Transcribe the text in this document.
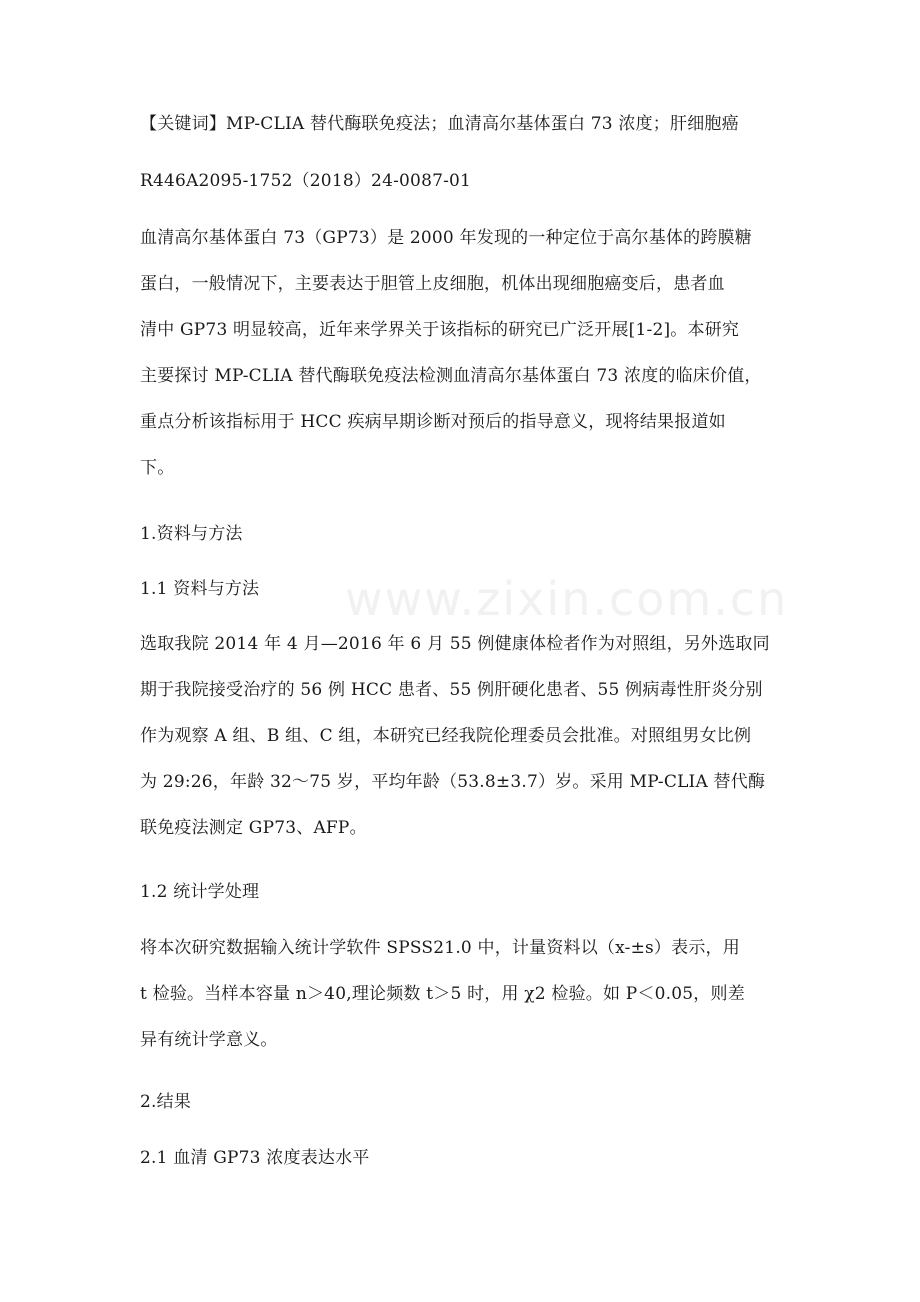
www.zixin.com.cn
【关键词】MP-CLIA 替代酶联免疫法；血清高尔基体蛋白 73 浓度；肝细胞癌
R446A2095-1752（2018）24-0087-01
血清高尔基体蛋白 73（GP73）是 2000 年发现的一种定位于高尔基体的跨膜糖
蛋白，一般情况下，主要表达于胆管上皮细胞，机体出现细胞癌变后，患者血
清中 GP73 明显较高，近年来学界关于该指标的研究已广泛开展[1-2]。本研究
主要探讨 MP-CLIA 替代酶联免疫法检测血清高尔基体蛋白 73 浓度的临床价值，
重点分析该指标用于 HCC 疾病早期诊断对预后的指导意义，现将结果报道如
下。
1.资料与方法
1.1 资料与方法
选取我院 2014 年 4 月—2016 年 6 月 55 例健康体检者作为对照组，另外选取同
期于我院接受治疗的 56 例 HCC 患者、55 例肝硬化患者、55 例病毒性肝炎分别
作为观察 A 组、B 组、C 组，本研究已经我院伦理委员会批准。对照组男女比例
为 29:26，年龄 32～75 岁，平均年龄（53.8±3.7）岁。采用 MP-CLIA 替代酶
联免疫法测定 GP73、AFP。
1.2 统计学处理
将本次研究数据输入统计学软件 SPSS21.0 中，计量资料以（x-±s）表示，用
t 检验。当样本容量 n＞40,理论频数 t＞5 时，用 χ2 检验。如 P＜0.05，则差
异有统计学意义。
2.结果
2.1 血清 GP73 浓度表达水平
